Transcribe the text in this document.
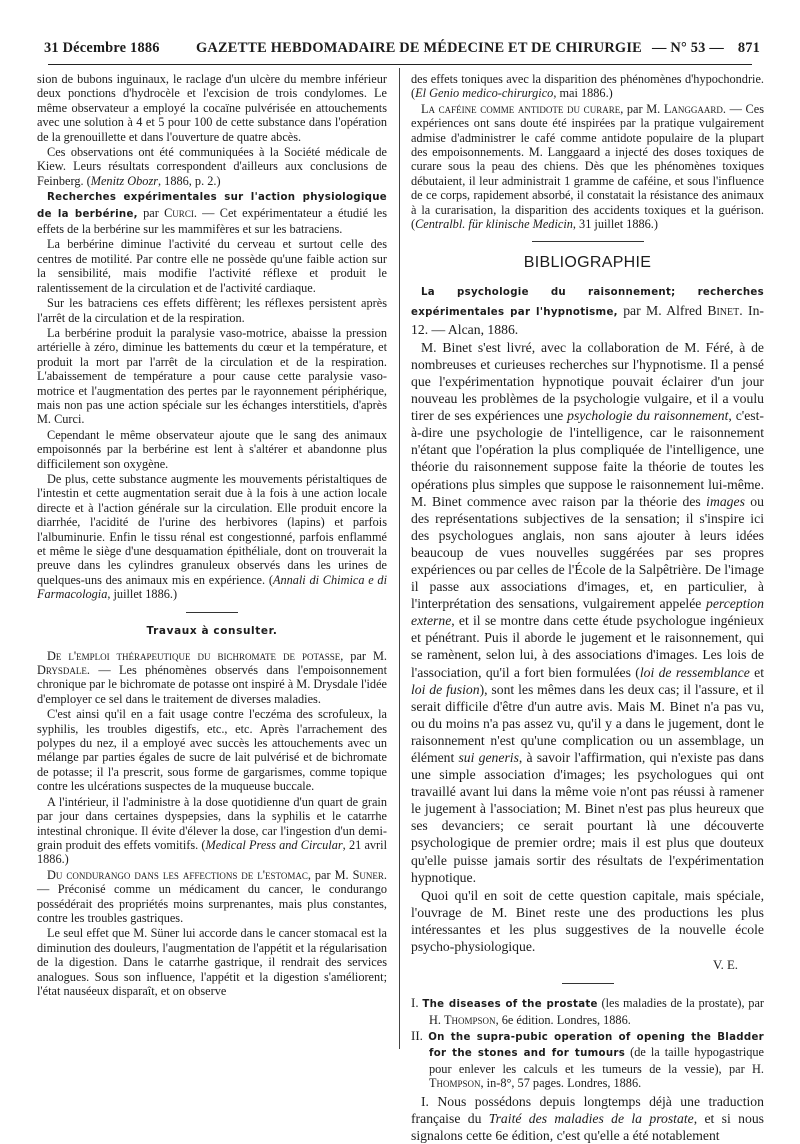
31 Décembre 1886	GAZETTE HEBDOMADAIRE DE MÉDECINE ET DE CHIRURGIE — N° 53 — 871

sion de bubons inguinaux, le raclage d'un ulcère du membre inférieur deux ponctions d'hydrocèle et l'excision de trois condylomes. Le même observateur a employé la cocaïne pulvérisée en attouchements avec une solution à 4 et 5 pour 100 de cette substance dans l'opération de la grenouillette et dans l'ouverture de quatre abcès.

Ces observations ont été communiquées à la Société médicale de Kiew. Leurs résultats correspondent d'ailleurs aux conclusions de Feinberg. (Menitz Obozr, 1886, p. 2.)

Recherches expérimentales sur l'action physiologique de la berbérine, par Curci. — Cet expérimentateur a étudié les effets de la berbérine sur les mammifères et sur les batraciens.

La berbérine diminue l'activité du cerveau et surtout celle des centres de motilité. Par contre elle ne possède qu'une faible action sur la sensibilité, mais modifie l'activité réflexe et produit le ralentissement de la circulation et de l'activité cardiaque.

Sur les batraciens ces effets diffèrent; les réflexes persistent après l'arrêt de la circulation et de la respiration.

La berbérine produit la paralysie vaso-motrice, abaisse la pression artérielle à zéro, diminue les battements du cœur et la température, et produit la mort par l'arrêt de la circulation et de la respiration. L'abaissement de température a pour cause cette paralysie vaso-motrice et l'augmentation des pertes par le rayonnement périphérique, mais non pas une action spéciale sur les échanges interstitiels, d'après M. Curci.

Cependant le même observateur ajoute que le sang des animaux empoisonnés par la berbérine est lent à s'altérer et abandonne plus difficilement son oxygène.

De plus, cette substance augmente les mouvements péristaltiques de l'intestin et cette augmentation serait due à la fois à une action locale directe et à l'action générale sur la circulation. Elle produit encore la diarrhée, l'acidité de l'urine des herbivores (lapins) et parfois l'albuminurie. Enfin le tissu rénal est congestionné, parfois enflammé et même le siège d'une desquamation épithéliale, dont on trouverait la preuve dans les cylindres granuleux observés dans les urines de quelques-uns des animaux mis en expérience. (Annali di Chimica e di Farmacologia, juillet 1886.)

Travaux à consulter.

De l'emploi thérapeutique du bichromate de potasse, par M. Drysdale. — Les phénomènes observés dans l'empoisonnement chronique par le bichromate de potasse ont inspiré à M. Drysdale l'idée d'employer ce sel dans le traitement de diverses maladies.

C'est ainsi qu'il en a fait usage contre l'eczéma des scrofuleux, la syphilis, les troubles digestifs, etc., etc. Après l'arrachement des polypes du nez, il a employé avec succès les attouchements avec un mélange par parties égales de sucre de lait pulvérisé et de bichromate de potasse; il l'a prescrit, sous forme de gargarismes, comme topique contre les ulcérations suspectes de la muqueuse buccale.

A l'intérieur, il l'administre à la dose quotidienne d'un quart de grain par jour dans certaines dyspepsies, dans la syphilis et le catarrhe intestinal chronique. Il évite d'élever la dose, car l'ingestion d'un demi-grain produit des effets vomitifs. (Medical Press and Circular, 21 avril 1886.)

Du condurango dans les affections de l'estomac, par M. Suner. — Préconisé comme un médicament du cancer, le condurango possédérait des propriétés moins surprenantes, mais plus constantes, contre les troubles gastriques.

Le seul effet que M. Süner lui accorde dans le cancer stomacal est la diminution des douleurs, l'augmentation de l'appétit et la régularisation de la digestion. Dans le catarrhe gastrique, il rendrait des services analogues. Sous son influence, l'appétit et la digestion s'améliorent; l'état nauséeux disparaît, et on observe

des effets toniques avec la disparition des phénomènes d'hypochondrie. (El Genio medico-chirurgico, mai 1886.)

La caféine comme antidote du curare, par M. Langgaard. — Ces expériences ont sans doute été inspirées par la pratique vulgairement admise d'administrer le café comme antidote populaire de la plupart des empoisonnements. M. Langgaard a injecté des doses toxiques de curare sous la peau des chiens. Dès que les phénomènes toxiques débutaient, il leur administrait 1 gramme de caféine, et sous l'influence de ce corps, rapidement absorbé, il constatait la résistance des animaux à la curarisation, la disparition des accidents toxiques et la guérison. (Centralbl. für klinische Medicin, 31 juillet 1886.)

BIBLIOGRAPHIE

La psychologie du raisonnement; recherches expérimentales par l'hypnotisme, par M. Alfred Binet. In-12. — Alcan, 1886.

M. Binet s'est livré, avec la collaboration de M. Féré, à de nombreuses et curieuses recherches sur l'hypnotisme. Il a pensé que l'expérimentation hypnotique pouvait éclairer d'un jour nouveau les problèmes de la psychologie vulgaire, et il a voulu tirer de ses expériences une psychologie du raisonnement, c'est-à-dire une psychologie de l'intelligence, car le raisonnement n'étant que l'opération la plus compliquée de l'intelligence, une théorie du raisonnement suppose faite la théorie de toutes les opérations plus simples que suppose le raisonnement lui-même. M. Binet commence avec raison par la théorie des images ou des représentations subjectives de la sensation; il s'inspire ici des psychologues anglais, non sans ajouter à leurs idées beaucoup de vues nouvelles suggérées par ses propres expériences ou par celles de l'École de la Salpêtrière. De l'image il passe aux associations d'images, et, en particulier, à l'interprétation des sensations, vulgairement appelée perception externe, et il se montre dans cette étude psychologue ingénieux et pénétrant. Puis il aborde le jugement et le raisonnement, qui se ramènent, selon lui, à des associations d'images. Les lois de l'association, qu'il a fort bien formulées (loi de ressemblance et loi de fusion), sont les mêmes dans les deux cas; il l'assure, et il serait difficile d'être d'un autre avis. Mais M. Binet n'a pas vu, ou du moins n'a pas assez vu, qu'il y a dans le jugement, dont le raisonnement n'est qu'une complication ou un assemblage, un élément sui generis, à savoir l'affirmation, qui n'existe pas dans une simple association d'images; les psychologues qui ont travaillé avant lui dans la même voie n'ont pas réussi à ramener le jugement à l'association; M. Binet n'est pas plus heureux que ses devanciers; ce serait pourtant là une découverte psychologique de premier ordre; mais il est plus que douteux qu'elle puisse jamais sortir des résultats de l'expérimentation hypnotique.

Quoi qu'il en soit de cette question capitale, mais spéciale, l'ouvrage de M. Binet reste une des productions les plus intéressantes et les plus suggestives de la nouvelle école psycho-physiologique.

V. E.
I. The diseases of the prostate (les maladies de la prostate), par H. Thompson, 6e édition. Londres, 1886.
II. On the supra-pubic operation of opening the Bladder for the stones and for tumours (de la taille hypogastrique pour enlever les calculs et les tumeurs de la vessie), par H. Thompson, in-8°, 57 pages. Londres, 1886.

I. Nous possédons depuis longtemps déjà une traduction française du Traité des maladies de la prostate, et si nous signalons cette 6e édition, c'est qu'elle a été notablement
